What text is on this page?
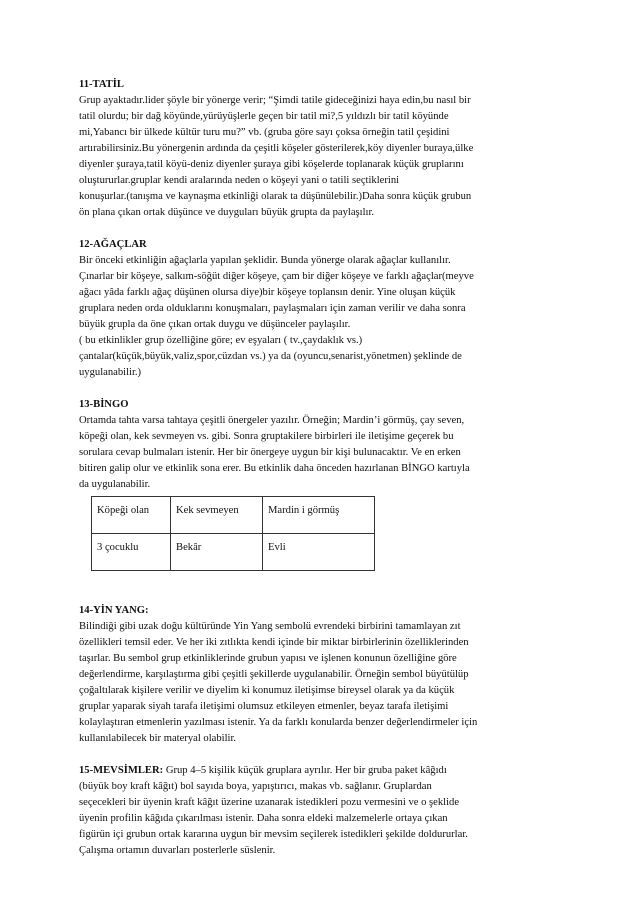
11-TATİL
Grup ayaktadır.lider şöyle bir yönerge verir; “Şimdi tatile gideceğinizi haya edin,bu nasıl bir
tatil olurdu; bir dağ köyünde,yürüyüşlerle geçen bir tatil mi?,5 yıldızlı bir tatil köyünde
mi,Yabancı bir ülkede kültür turu mu?” vb. (gruba göre sayı çoksa örneğin tatil çeşidini
artırabilirsiniz.Bu yönergenin ardında da çeşitli köşeler gösterilerek,köy diyenler buraya,ülke
diyenler şuraya,tatil köyü-deniz diyenler şuraya gibi köşelerde toplanarak küçük gruplarını
oluştururlar.gruplar kendi aralarında neden o köşeyi yani o tatili seçtiklerini
konuşurlar.(tanışma ve kaynaşma etkinliği olarak ta düşünülebilir.)Daha sonra küçük grubun
ön plana çıkan ortak düşünce ve duyguları büyük grupta da paylaşılır.
12-AĞAÇLAR
Bir önceki etkinliğin ağaçlarla yapılan şeklidir. Bunda yönerge olarak ağaçlar kullanılır.
Çınarlar bir köşeye, salkım-söğüt diğer köşeye, çam bir diğer köşeye ve farklı ağaçlar(meyve
ağacı yâda farklı ağaç düşünen olursa diye)bir köşeye toplansın denir. Yine oluşan küçük
gruplara neden orda olduklarını konuşmaları, paylaşmaları için zaman verilir ve daha sonra
büyük grupla da öne çıkan ortak duygu ve düşünceler paylaşılır.
( bu etkinlikler grup özelliğine göre; ev eşyaları ( tv.,çaydaklık vs.)
çantalar(küçük,büyük,valiz,spor,cüzdan vs.) ya da (oyuncu,senarist,yönetmen) şeklinde de
uygulanabilir.)
13-BİNGO
Ortamda tahta varsa tahtaya çeşitli önergeler yazılır. Örneğin; Mardin’i görmüş, çay seven,
köpeği olan, kek sevmeyen vs. gibi. Sonra gruptakilere birbirleri ile iletişime geçerek bu
sorulara cevap bulmaları istenir. Her bir önergeye uygun bir kişi bulunacaktır. Ve en erken
bitiren galip olur ve etkinlik sona erer. Bu etkinlik daha önceden hazırlanan BİNGO kartıyla
da uygulanabilir.
Köpeği olan	Kek sevmeyen	Mardin i görmüş
3 çocuklu	Bekâr	Evli
14-YİN YANG:
Bilindiği gibi uzak doğu kültüründe Yin Yang sembolü evrendeki birbirini tamamlayan zıt
özellikleri temsil eder. Ve her iki zıtlıkta kendi içinde bir miktar birbirlerinin özelliklerinden
taşırlar. Bu sembol grup etkinliklerinde grubun yapısı ve işlenen konunun özelliğine göre
değerlendirme, karşılaştırma gibi çeşitli şekillerde uygulanabilir. Örneğin sembol büyütülüp
çoğaltılarak kişilere verilir ve diyelim ki konumuz iletişimse bireysel olarak ya da küçük
gruplar yaparak siyah tarafa iletişimi olumsuz etkileyen etmenler, beyaz tarafa iletişimi
kolaylaştıran etmenlerin yazılması istenir. Ya da farklı konularda benzer değerlendirmeler için
kullanılabilecek bir materyal olabilir.
15-MEVSİMLER: Grup 4–5 kişilik küçük gruplara ayrılır. Her bir gruba paket kâğıdı
(büyük boy kraft kâğıt) bol sayıda boya, yapıştırıcı, makas vb. sağlanır. Gruplardan
seçecekleri bir üyenin kraft kâğıt üzerine uzanarak istedikleri pozu vermesini ve o şeklide
üyenin profilin kâğıda çıkarılması istenir. Daha sonra eldeki malzemelerle ortaya çıkan
figürün içi grubun ortak kararına uygun bir mevsim seçilerek istedikleri şekilde doldururlar.
Çalışma ortamın duvarları posterlerle süslenir.
